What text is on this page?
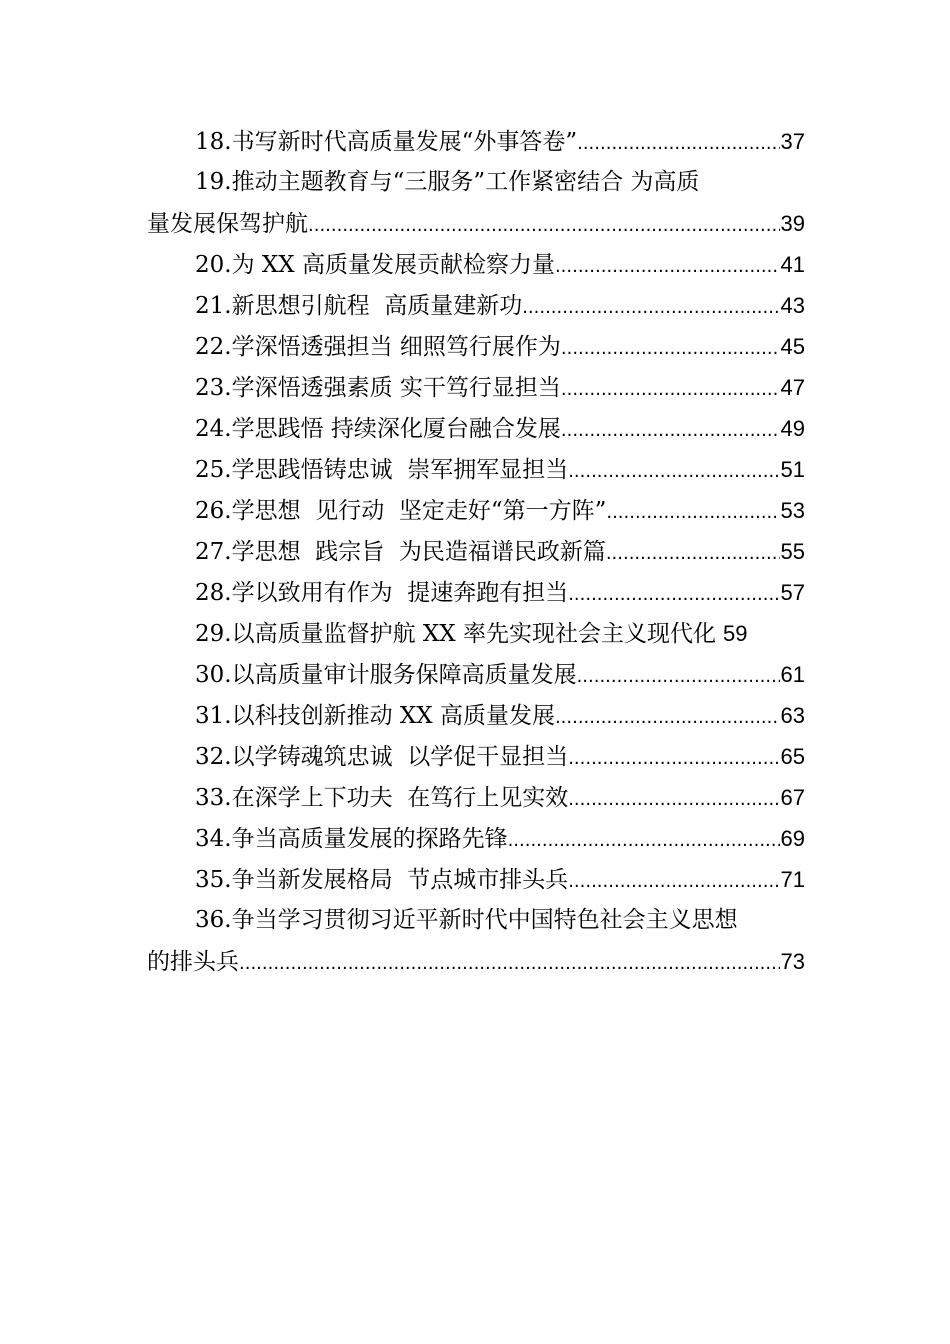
18. 书写新时代高质量发展“外事答卷” .....	37
19. 推动主题教育与“三服务”工作紧密结合 为高质
量发展保驾护航 .....	39
20. 为 XX 高质量发展贡献检察力量 .....	41
21. 新思想引航程  高质量建新功 .....	43
22. 学深悟透强担当 细照笃行展作为 .....	45
23. 学深悟透强素质 实干笃行显担当 .....	47
24. 学思践悟 持续深化厦台融合发展 .....	49
25. 学思践悟铸忠诚  崇军拥军显担当 .....	51
26. 学思想  见行动  坚定走好“第一方阵” .....	53
27. 学思想  践宗旨  为民造福谱民政新篇 .....	55
28. 学以致用有作为  提速奔跑有担当 .....	57
29. 以高质量监督护航 XX 率先实现社会主义现代化 59
30. 以高质量审计服务保障高质量发展 .....	61
31. 以科技创新推动 XX 高质量发展 .....	63
32. 以学铸魂筑忠诚  以学促干显担当 .....	65
33. 在深学上下功夫  在笃行上见实效 .....	67
34. 争当高质量发展的探路先锋 .....	69
35. 争当新发展格局  节点城市排头兵 .....	71
36. 争当学习贯彻习近平新时代中国特色社会主义思想
的排头兵 .....	73
